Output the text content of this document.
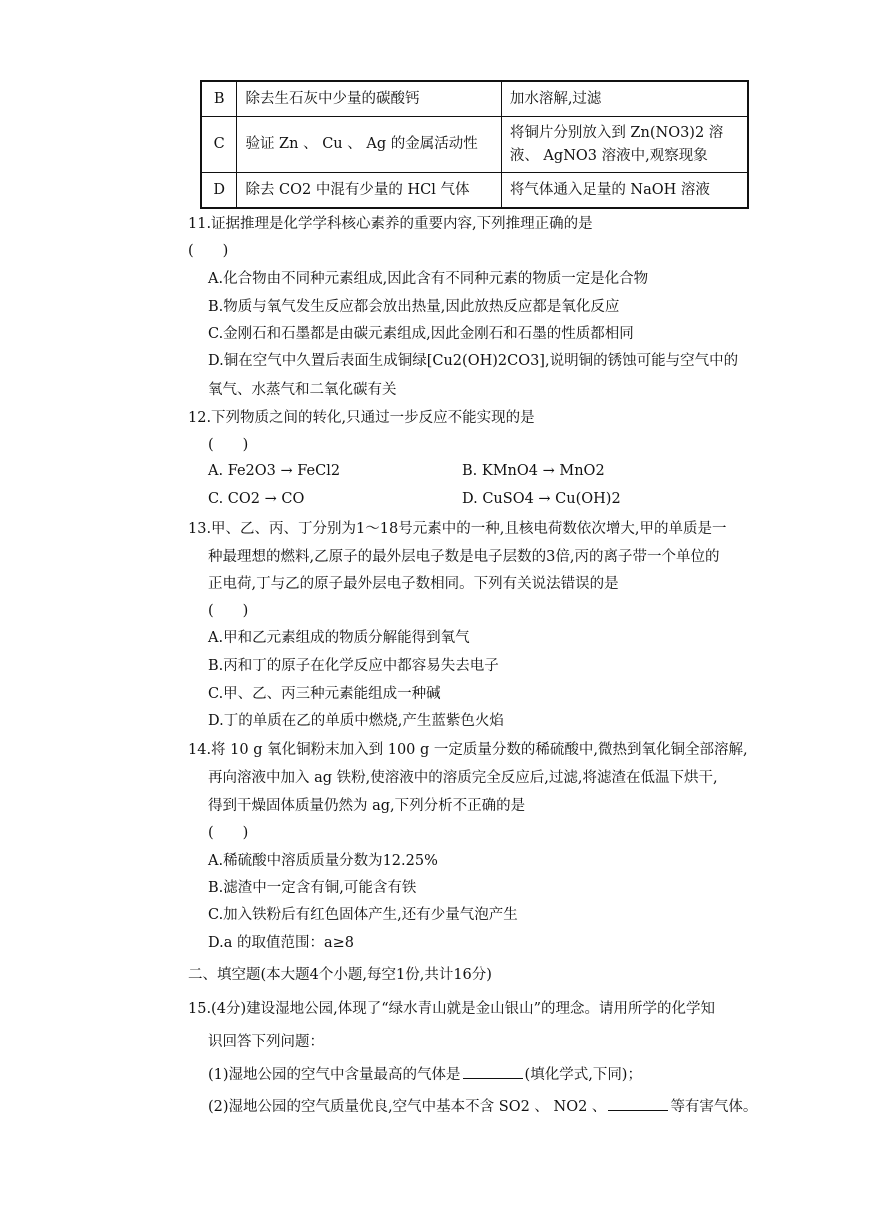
B	除去生石灰中少量的碳酸钙	加水溶解,过滤
C	验证 Zn 、 Cu 、 Ag 的金属活动性	将铜片分别放入到 Zn(NO3)2 溶
液、 AgNO3 溶液中,观察现象

D	除去 CO2 中混有少量的 HCl 气体	将气体通入足量的 NaOH 溶液
11.证据推理是化学学科核心素养的重要内容,下列推理正确的是
(　　)
A.化合物由不同种元素组成,因此含有不同种元素的物质一定是化合物
B.物质与氧气发生反应都会放出热量,因此放热反应都是氧化反应
C.金刚石和石墨都是由碳元素组成,因此金刚石和石墨的性质都相同
D.铜在空气中久置后表面生成铜绿[Cu2(OH)2CO3],说明铜的锈蚀可能与空气中的
氧气、水蒸气和二氧化碳有关
12.下列物质之间的转化,只通过一步反应不能实现的是
(　　)
A. Fe2O3 → FeCl2	B. KMnO4 → MnO2
C. CO2 → CO	D. CuSO4 → Cu(OH)2
13.甲、乙、丙、丁分别为1～18号元素中的一种,且核电荷数依次增大,甲的单质是一
种最理想的燃料,乙原子的最外层电子数是电子层数的3倍,丙的离子带一个单位的
正电荷,丁与乙的原子最外层电子数相同。下列有关说法错误的是
(　　)
A.甲和乙元素组成的物质分解能得到氧气
B.丙和丁的原子在化学反应中都容易失去电子
C.甲、乙、丙三种元素能组成一种碱
D.丁的单质在乙的单质中燃烧,产生蓝紫色火焰
14.将 10 g 氧化铜粉末加入到 100 g 一定质量分数的稀硫酸中,微热到氧化铜全部溶解,
再向溶液中加入 ag 铁粉,使溶液中的溶质完全反应后,过滤,将滤渣在低温下烘干,
得到干燥固体质量仍然为 ag,下列分析不正确的是
(　　)
A.稀硫酸中溶质质量分数为12.25%
B.滤渣中一定含有铜,可能含有铁
C.加入铁粉后有红色固体产生,还有少量气泡产生
D.a 的取值范围：a≥8
二、填空题(本大题4个小题,每空1份,共计16分)
15.(4分)建设湿地公园,体现了“绿水青山就是金山银山”的理念。请用所学的化学知
识回答下列问题：
(1)湿地公园的空气中含量最高的气体是	(填化学式,下同)；
(2)湿地公园的空气质量优良,空气中基本不含 SO2 、 NO2 、	等有害气体。
